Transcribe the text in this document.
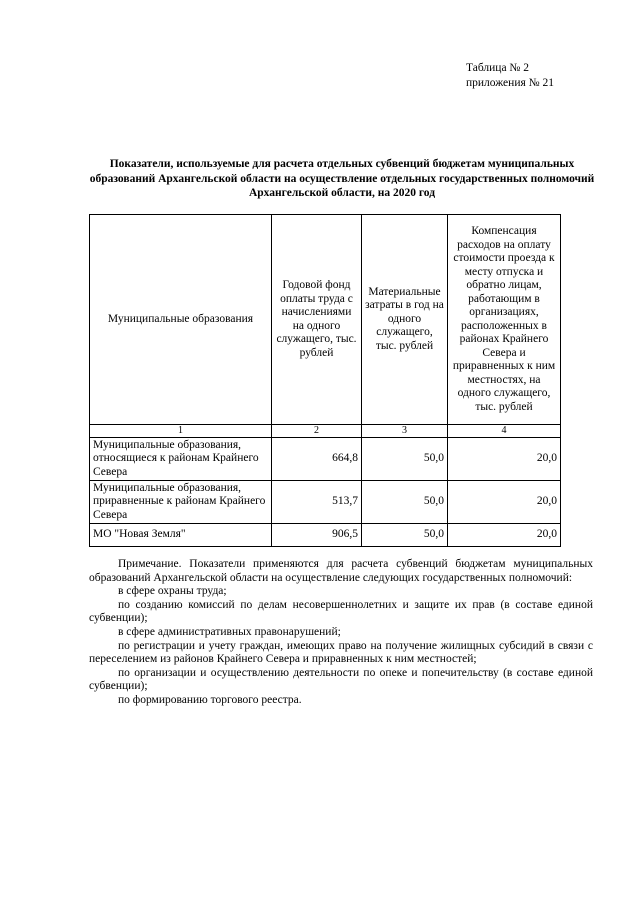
Таблица № 2
приложения № 21
Показатели, используемые для расчета отдельных субвенций бюджетам муниципальных образований Архангельской области на осуществление отдельных государственных полномочий Архангельской области, на 2020 год
Муниципальные образования	Годовой фонд оплаты труда с начислениями на одного служащего, тыс. рублей	Материальные затраты в год на одного служащего, тыс. рублей	Компенсация расходов на оплату стоимости проезда к месту отпуска и обратно лицам, работающим в организациях, расположенных в районах Крайнего Севера и приравненных к ним местностях, на одного служащего, тыс. рублей
1	2	3	4
Муниципальные образования, относящиеся к районам Крайнего Севера	664,8	50,0	20,0
Муниципальные образования, приравненные к районам Крайнего Севера	513,7	50,0	20,0
МО "Новая Земля"	906,5	50,0	20,0

Примечание. Показатели применяются для расчета субвенций бюджетам муниципальных образований Архангельской области на осуществление следующих государственных полномочий:

в сфере охраны труда;

по созданию комиссий по делам несовершеннолетних и защите их прав (в составе единой субвенции);

в сфере административных правонарушений;

по регистрации и учету граждан, имеющих право на получение жилищных субсидий в связи с переселением из районов Крайнего Севера и приравненных к ним местностей;

по организации и осуществлению деятельности по опеке и попечительству (в составе единой субвенции);

по формированию торгового реестра.
